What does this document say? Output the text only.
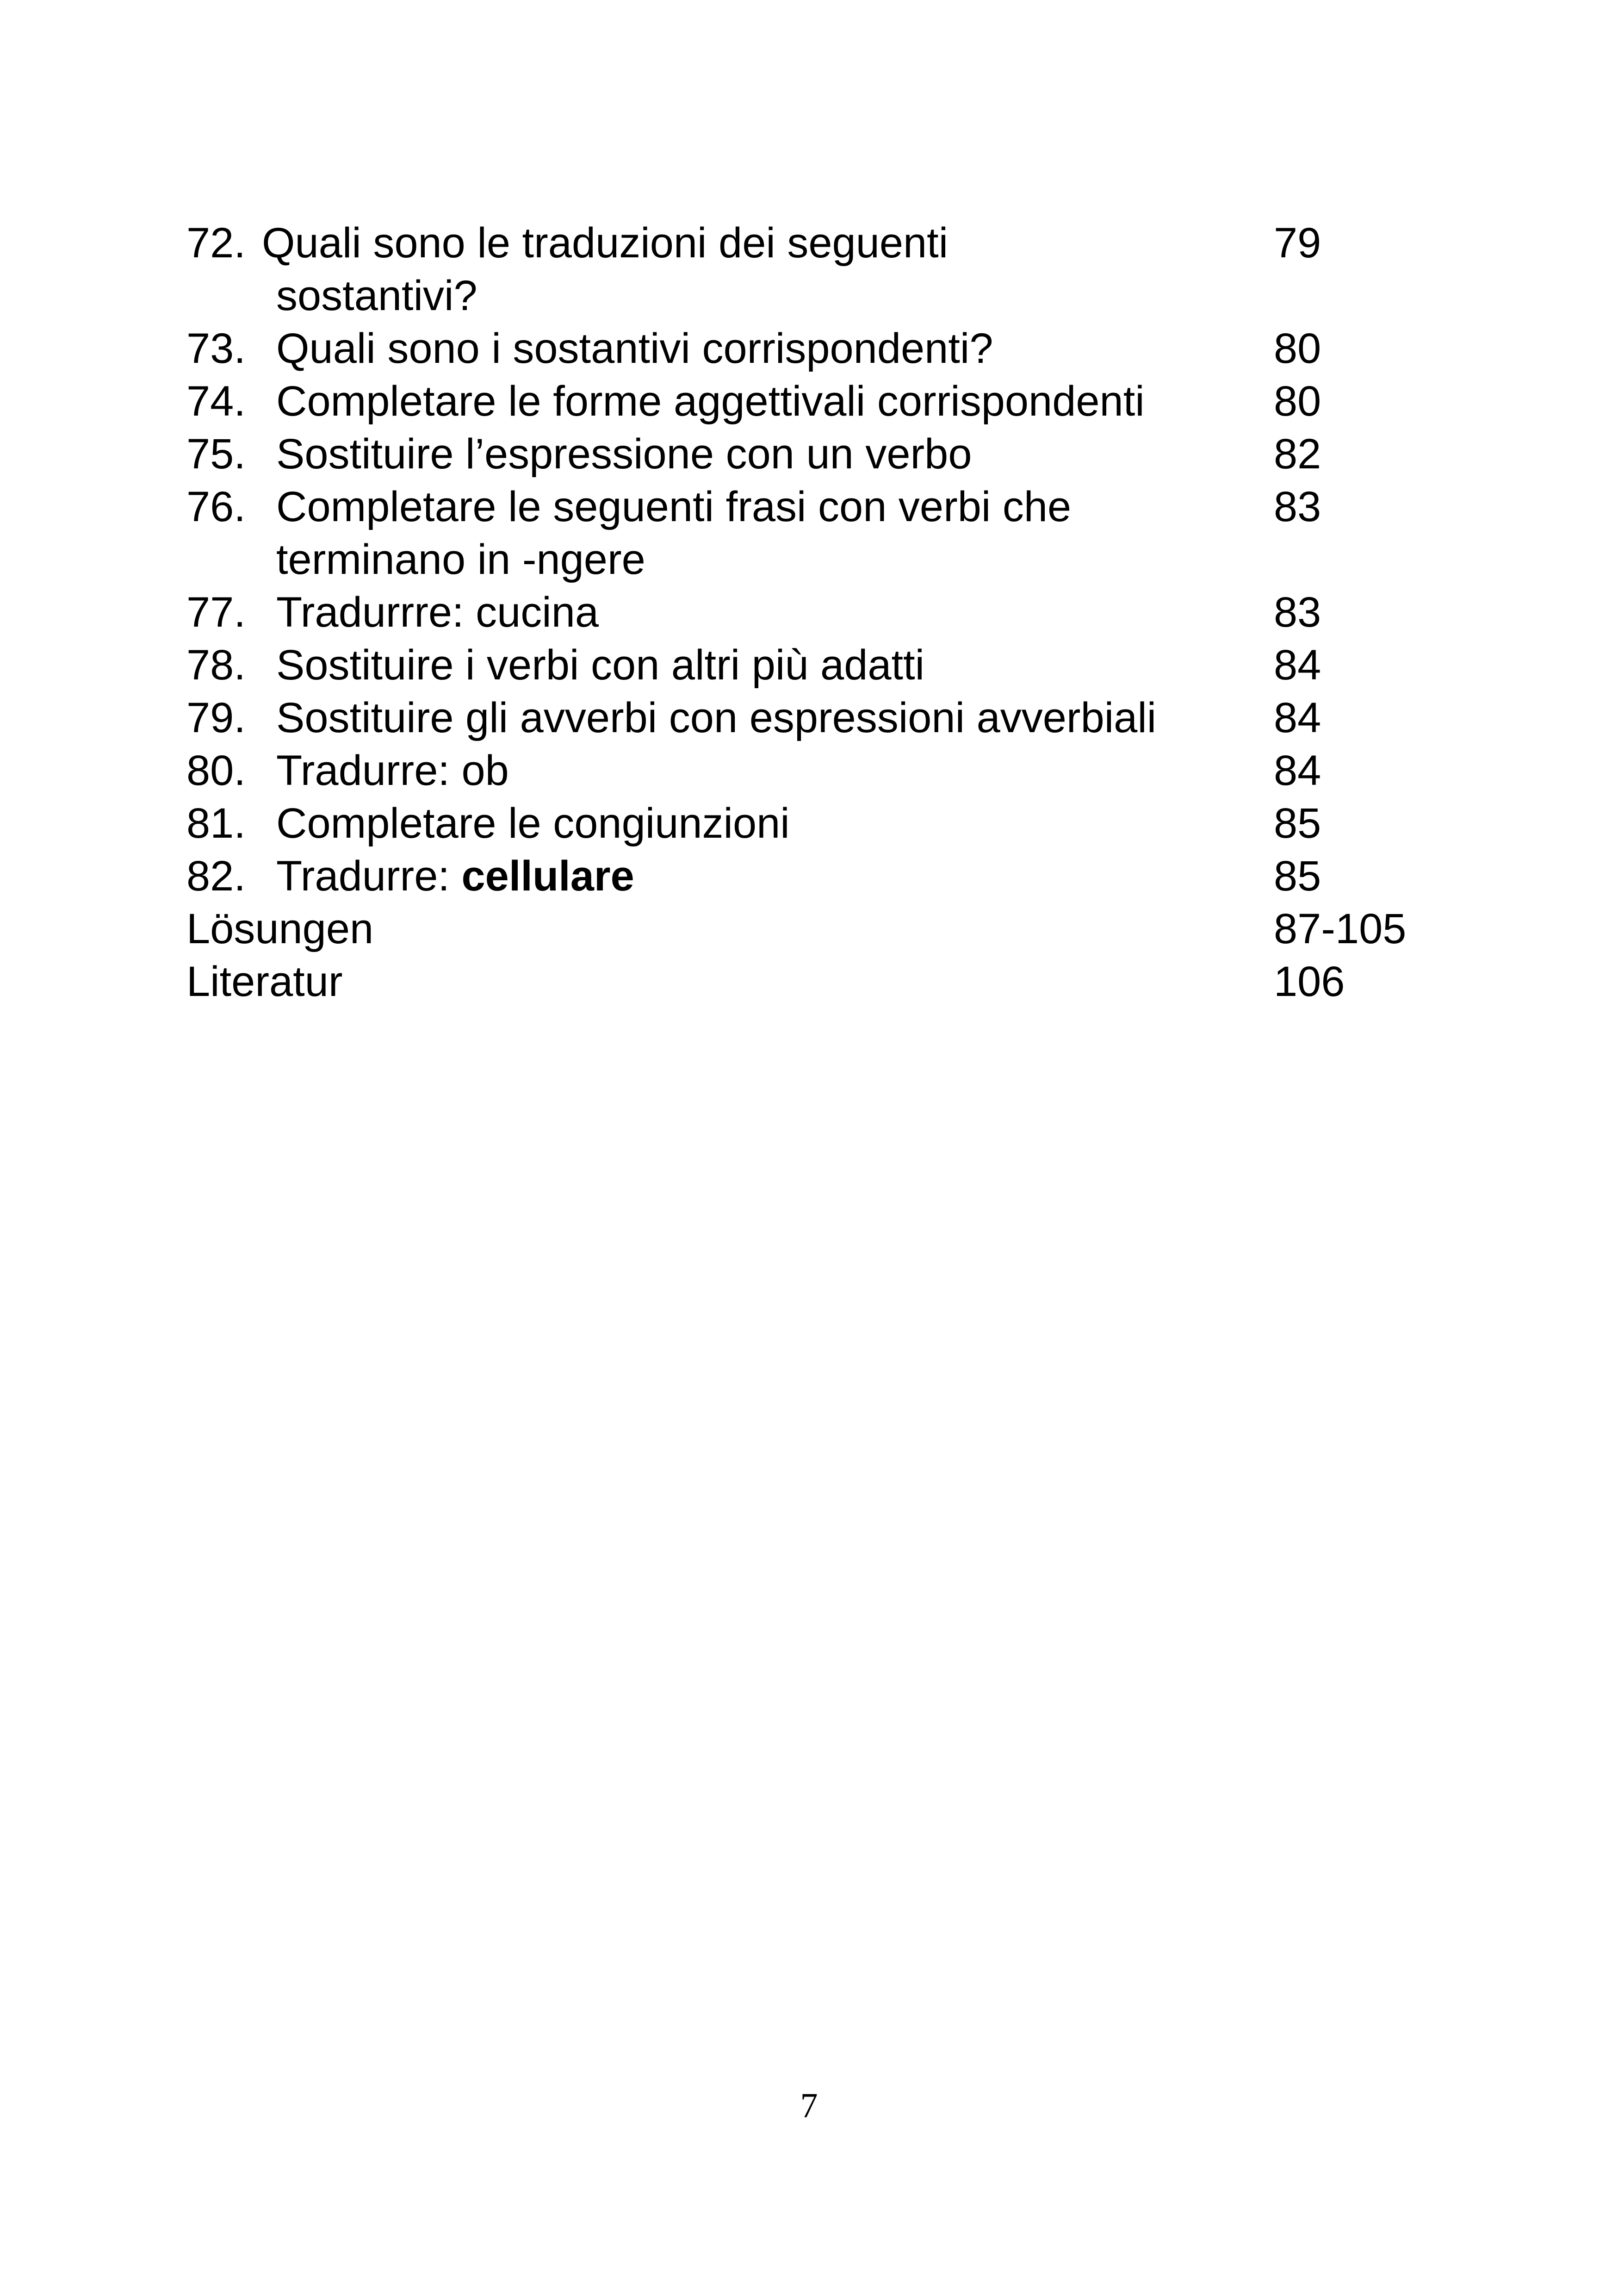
72. Quali sono le traduzioni dei seguenti	79
sostantivi?
73. Quali sono i sostantivi corrispondenti?	80
74. Completare le forme aggettivali corrispondenti	80
75. Sostituire l’espressione con un verbo	82
76. Completare le seguenti frasi con verbi che	83
terminano in -ngere
77. Tradurrre: cucina	83
78. Sostituire i verbi con altri più adatti	84
79. Sostituire gli avverbi con espressioni avverbiali	84
80. Tradurre: ob	84
81. Completare le congiunzioni	85
82. Tradurre: cellulare	85
Lösungen	87-105
Literatur	106
7
